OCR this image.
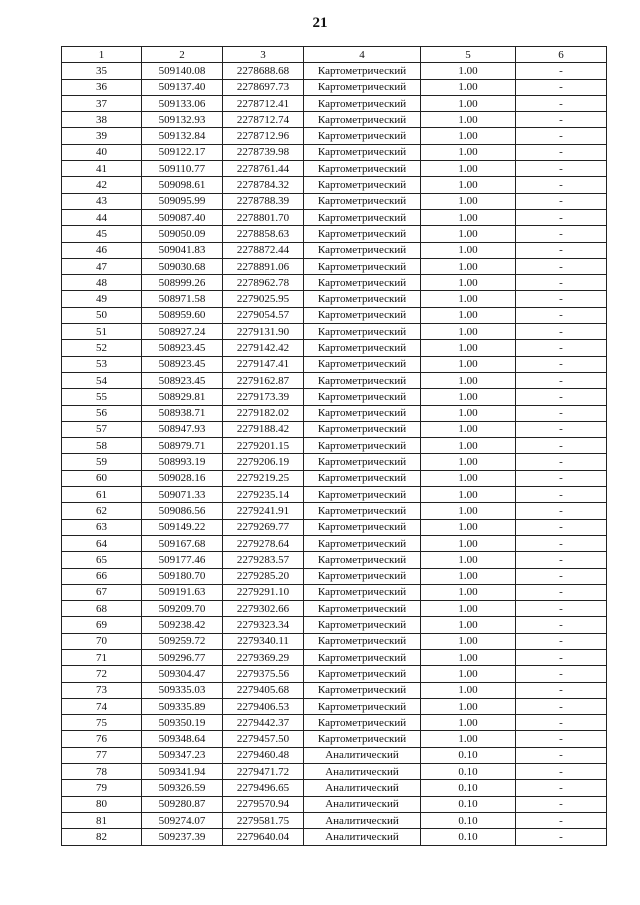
21
1	2	3	4	5	6
35	509140.08	2278688.68	Картометрический	1.00	-
36	509137.40	2278697.73	Картометрический	1.00	-
37	509133.06	2278712.41	Картометрический	1.00	-
38	509132.93	2278712.74	Картометрический	1.00	-
39	509132.84	2278712.96	Картометрический	1.00	-
40	509122.17	2278739.98	Картометрический	1.00	-
41	509110.77	2278761.44	Картометрический	1.00	-
42	509098.61	2278784.32	Картометрический	1.00	-
43	509095.99	2278788.39	Картометрический	1.00	-
44	509087.40	2278801.70	Картометрический	1.00	-
45	509050.09	2278858.63	Картометрический	1.00	-
46	509041.83	2278872.44	Картометрический	1.00	-
47	509030.68	2278891.06	Картометрический	1.00	-
48	508999.26	2278962.78	Картометрический	1.00	-
49	508971.58	2279025.95	Картометрический	1.00	-
50	508959.60	2279054.57	Картометрический	1.00	-
51	508927.24	2279131.90	Картометрический	1.00	-
52	508923.45	2279142.42	Картометрический	1.00	-
53	508923.45	2279147.41	Картометрический	1.00	-
54	508923.45	2279162.87	Картометрический	1.00	-
55	508929.81	2279173.39	Картометрический	1.00	-
56	508938.71	2279182.02	Картометрический	1.00	-
57	508947.93	2279188.42	Картометрический	1.00	-
58	508979.71	2279201.15	Картометрический	1.00	-
59	508993.19	2279206.19	Картометрический	1.00	-
60	509028.16	2279219.25	Картометрический	1.00	-
61	509071.33	2279235.14	Картометрический	1.00	-
62	509086.56	2279241.91	Картометрический	1.00	-
63	509149.22	2279269.77	Картометрический	1.00	-
64	509167.68	2279278.64	Картометрический	1.00	-
65	509177.46	2279283.57	Картометрический	1.00	-
66	509180.70	2279285.20	Картометрический	1.00	-
67	509191.63	2279291.10	Картометрический	1.00	-
68	509209.70	2279302.66	Картометрический	1.00	-
69	509238.42	2279323.34	Картометрический	1.00	-
70	509259.72	2279340.11	Картометрический	1.00	-
71	509296.77	2279369.29	Картометрический	1.00	-
72	509304.47	2279375.56	Картометрический	1.00	-
73	509335.03	2279405.68	Картометрический	1.00	-
74	509335.89	2279406.53	Картометрический	1.00	-
75	509350.19	2279442.37	Картометрический	1.00	-
76	509348.64	2279457.50	Картометрический	1.00	-
77	509347.23	2279460.48	Аналитический	0.10	-
78	509341.94	2279471.72	Аналитический	0.10	-
79	509326.59	2279496.65	Аналитический	0.10	-
80	509280.87	2279570.94	Аналитический	0.10	-
81	509274.07	2279581.75	Аналитический	0.10	-
82	509237.39	2279640.04	Аналитический	0.10	-
